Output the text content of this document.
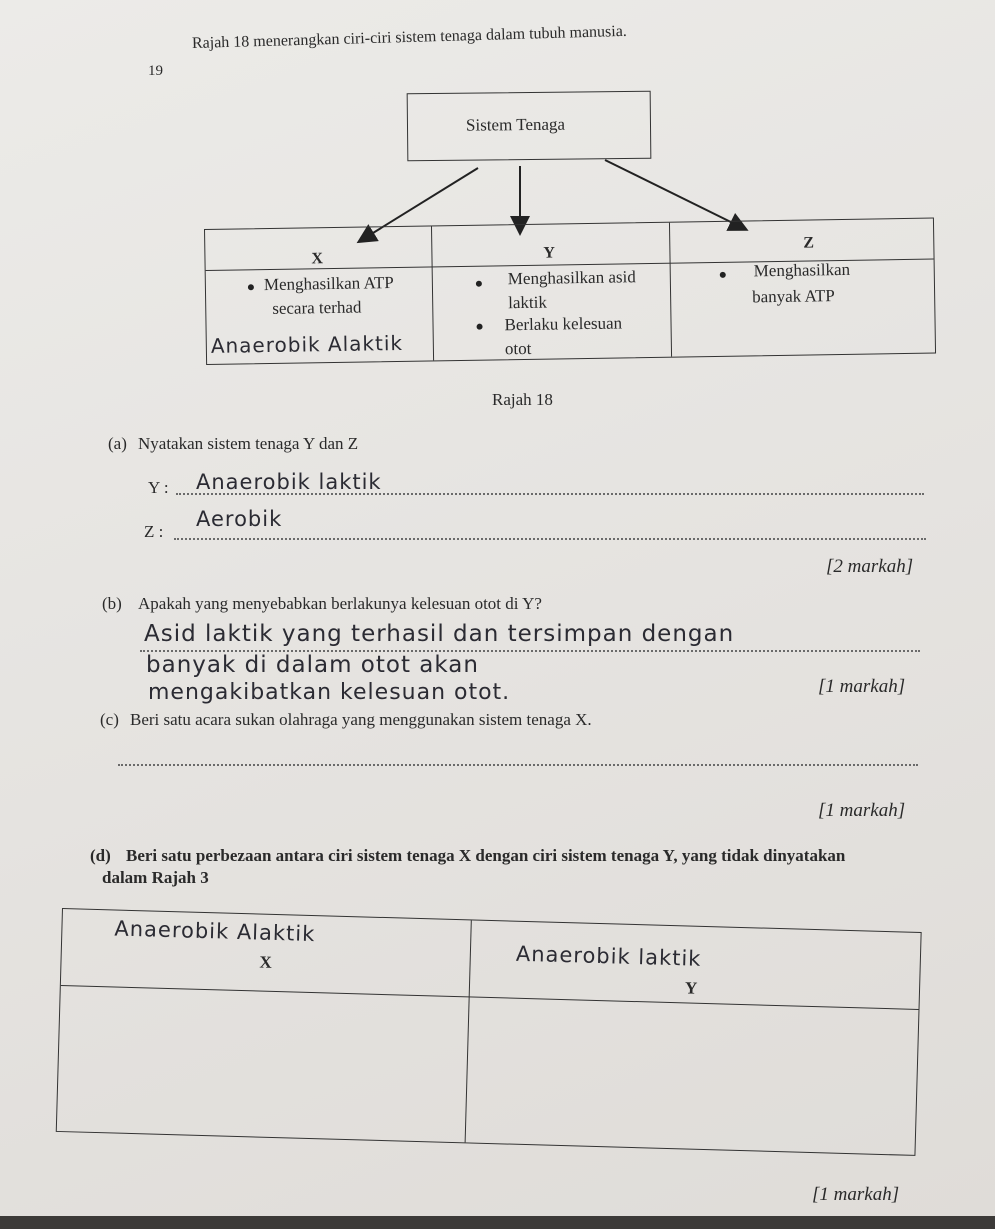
19
Rajah 18 menerangkan ciri-ciri sistem tenaga dalam tubuh manusia.
Sistem Tenaga
X
Menghasilkan ATP
secara terhad
Anaerobik Alaktik
Y
Menghasilkan asid
laktik
Berlaku kelesuan
otot
Z
Menghasilkan
banyak ATP
Rajah 18
(a) Nyatakan sistem tenaga Y dan Z
Y : Anaerobik laktik
Z :
Aerobik
[2 markah]
(b) Apakah yang menyebabkan berlakunya kelesuan otot di Y?
Asid laktik yang terhasil dan tersimpan dengan
banyak di dalam otot akan
mengakibatkan kelesuan otot.	[1 markah]
(c) Beri satu acara sukan olahraga yang menggunakan sistem tenaga X.
[1 markah]
(d) Beri satu perbezaan antara ciri sistem tenaga X dengan ciri sistem tenaga Y, yang tidak dinyatakan
dalam Rajah 3
Anaerobik Alaktik
X	Anaerobik laktik
Y
[1 markah]
